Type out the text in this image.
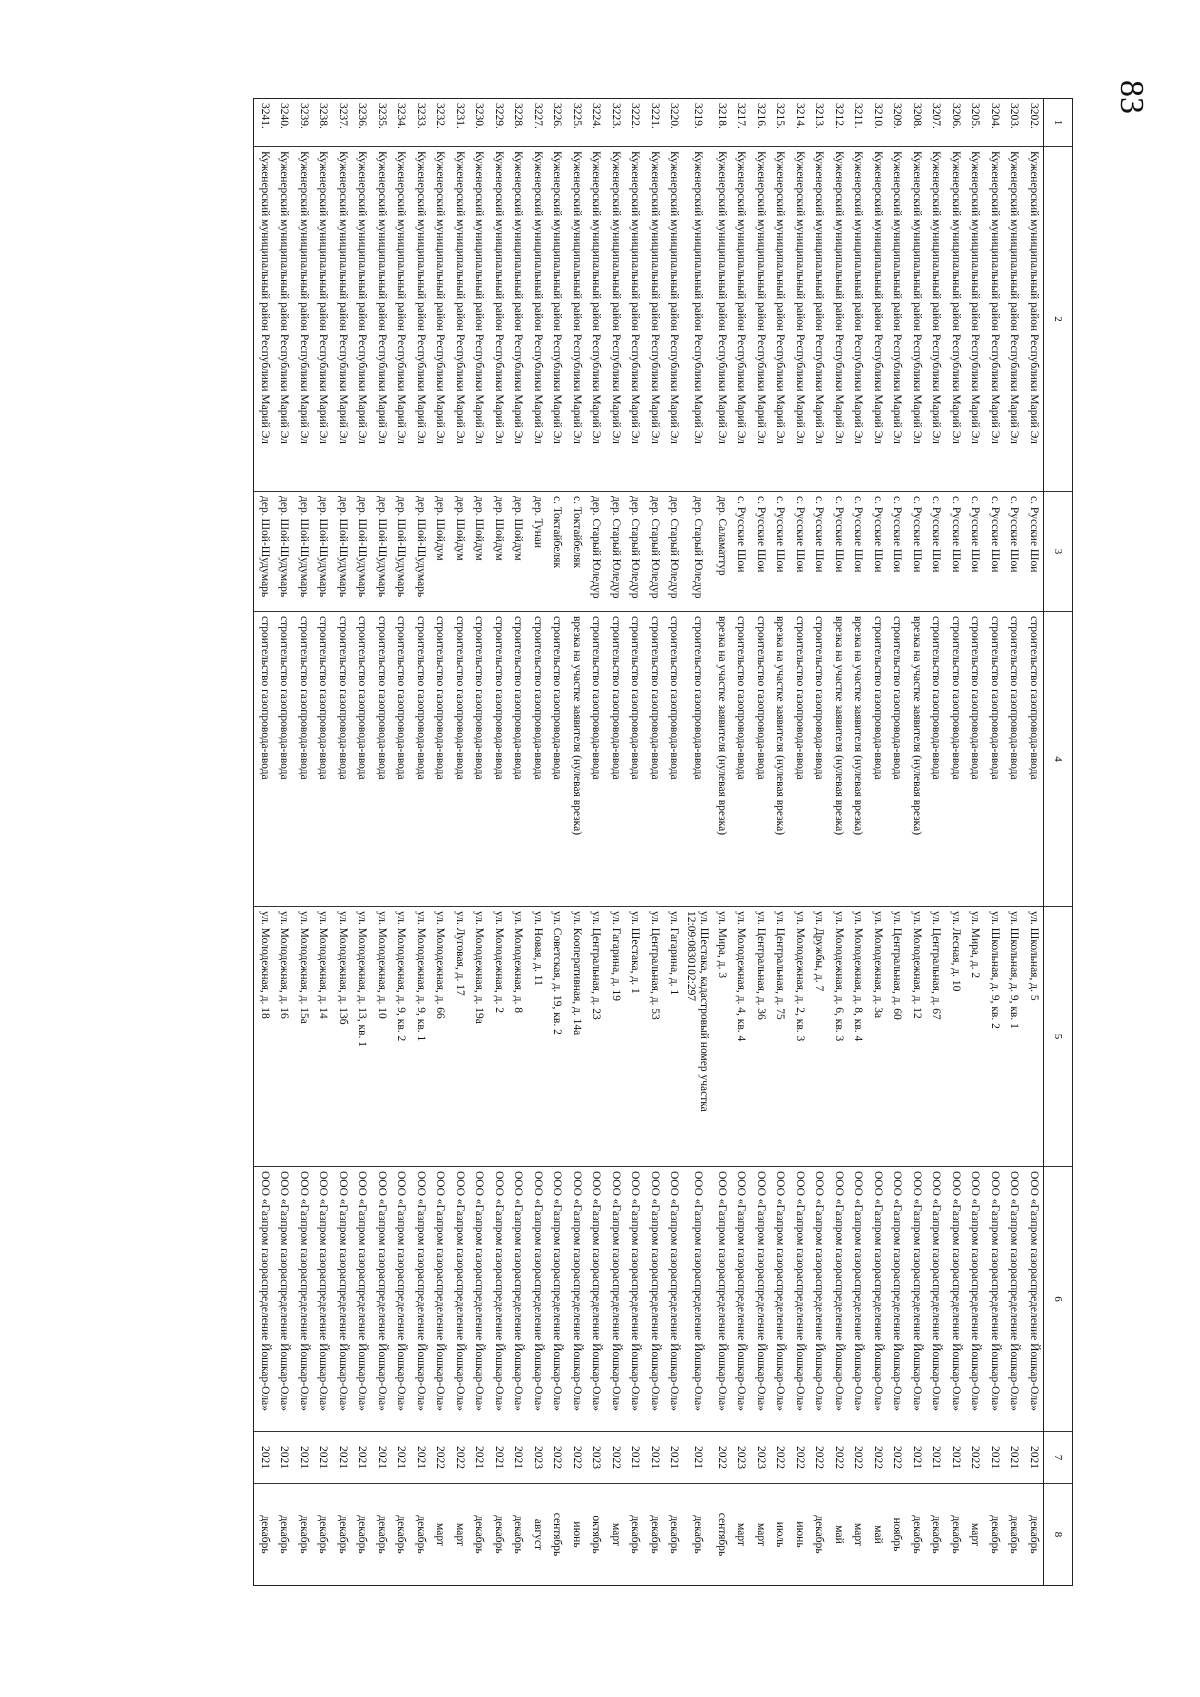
83
1	2	3	4	5	6	7	8
3202.	Куженерский муниципальный район Республики Марий Эл	с. Русские Шои	строительство газопровода-ввода	ул. Школьная, д. 5	ООО «Газпром газораспределение Йошкар-Ола»	2021	декабрь
3203.	Куженерский муниципальный район Республики Марий Эл	с. Русские Шои	строительство газопровода-ввода	ул. Школьная, д. 9, кв. 1	ООО «Газпром газораспределение Йошкар-Ола»	2021	декабрь
3204.	Куженерский муниципальный район Республики Марий Эл	с. Русские Шои	строительство газопровода-ввода	ул. Школьная, д. 9, кв. 2	ООО «Газпром газораспределение Йошкар-Ола»	2021	декабрь
3205.	Куженерский муниципальный район Республики Марий Эл	с. Русские Шои	строительство газопровода-ввода	ул. Мира, д. 2	ООО «Газпром газораспределение Йошкар-Ола»	2022	март
3206.	Куженерский муниципальный район Республики Марий Эл	с. Русские Шои	строительство газопровода-ввода	ул. Лесная, д. 10	ООО «Газпром газораспределение Йошкар-Ола»	2021	декабрь
3207.	Куженерский муниципальный район Республики Марий Эл	с. Русские Шои	строительство газопровода-ввода	ул. Центральная, д. 67	ООО «Газпром газораспределение Йошкар-Ола»	2021	декабрь
3208.	Куженерский муниципальный район Республики Марий Эл	с. Русские Шои	врезка на участке заявителя (нулевая врезка)	ул. Молодежная, д. 12	ООО «Газпром газораспределение Йошкар-Ола»	2021	декабрь
3209.	Куженерский муниципальный район Республики Марий Эл	с. Русские Шои	строительство газопровода-ввода	ул. Центральная, д. 60	ООО «Газпром газораспределение Йошкар-Ола»	2022	ноябрь
3210.	Куженерский муниципальный район Республики Марий Эл	с. Русские Шои	строительство газопровода-ввода	ул. Молодежная, д. 3а	ООО «Газпром газораспределение Йошкар-Ола»	2022	май
3211.	Куженерский муниципальный район Республики Марий Эл	с. Русские Шои	врезка на участке заявителя (нулевая врезка)	ул. Молодежная, д. 8, кв. 4	ООО «Газпром газораспределение Йошкар-Ола»	2022	март
3212.	Куженерский муниципальный район Республики Марий Эл	с. Русские Шои	врезка на участке заявителя (нулевая врезка)	ул. Молодежная, д. 6, кв. 3	ООО «Газпром газораспределение Йошкар-Ола»	2022	май
3213.	Куженерский муниципальный район Республики Марий Эл	с. Русские Шои	строительство газопровода-ввода	ул. Дружбы, д. 7	ООО «Газпром газораспределение Йошкар-Ола»	2022	декабрь
3214.	Куженерский муниципальный район Республики Марий Эл	с. Русские Шои	строительство газопровода-ввода	ул. Молодежная, д. 2, кв. 3	ООО «Газпром газораспределение Йошкар-Ола»	2022	июнь
3215.	Куженерский муниципальный район Республики Марий Эл	с. Русские Шои	врезка на участке заявителя (нулевая врезка)	ул. Центральная, д. 75	ООО «Газпром газораспределение Йошкар-Ола»	2022	июль
3216.	Куженерский муниципальный район Республики Марий Эл	с. Русские Шои	строительство газопровода-ввода	ул. Центральная, д. 36	ООО «Газпром газораспределение Йошкар-Ола»	2023	март
3217.	Куженерский муниципальный район Республики Марий Эл	с. Русские Шои	строительство газопровода-ввода	ул. Молодежная, д. 4, кв. 4	ООО «Газпром газораспределение Йошкар-Ола»	2023	март
3218.	Куженерский муниципальный район Республики Марий Эл	дер. Саламаттур	врезка на участке заявителя (нулевая врезка)	ул. Мира, д. 3	ООО «Газпром газораспределение Йошкар-Ола»	2022	сентябрь
3219.	Куженерский муниципальный район Республики Марий Эл	дер. Старый Юледур	строительство газопровода-ввода	ул. Шестака, кадастровый номер участка 12:09:0830102:297	ООО «Газпром газораспределение Йошкар-Ола»	2021	декабрь
3220.	Куженерский муниципальный район Республики Марий Эл	дер. Старый Юледур	строительство газопровода-ввода	ул. Гагарина, д. 1	ООО «Газпром газораспределение Йошкар-Ола»	2021	декабрь
3221.	Куженерский муниципальный район Республики Марий Эл	дер. Старый Юледур	строительство газопровода-ввода	ул. Центральная, д. 53	ООО «Газпром газораспределение Йошкар-Ола»	2021	декабрь
3222.	Куженерский муниципальный район Республики Марий Эл	дер. Старый Юледур	строительство газопровода-ввода	ул. Шестака, д. 1	ООО «Газпром газораспределение Йошкар-Ола»	2021	декабрь
3223.	Куженерский муниципальный район Республики Марий Эл	дер. Старый Юледур	строительство газопровода-ввода	ул. Гагарина, д. 19	ООО «Газпром газораспределение Йошкар-Ола»	2022	март
3224.	Куженерский муниципальный район Республики Марий Эл	дер. Старый Юледур	строительство газопровода-ввода	ул. Центральная, д. 23	ООО «Газпром газораспределение Йошкар-Ола»	2023	октябрь
3225.	Куженерский муниципальный район Республики Марий Эл	с. Токтайбеляк	врезка на участке заявителя (нулевая врезка)	ул. Кооперативная, д. 14а	ООО «Газпром газораспределение Йошкар-Ола»	2022	июнь
3226.	Куженерский муниципальный район Республики Марий Эл	с. Токтайбеляк	строительство газопровода-ввода	ул. Советская, д. 19, кв. 2	ООО «Газпром газораспределение Йошкар-Ола»	2022	сентябрь
3227.	Куженерский муниципальный район Республики Марий Эл	дер. Тунаи	строительство газопровода-ввода	ул. Новая, д. 11	ООО «Газпром газораспределение Йошкар-Ола»	2023	август
3228.	Куженерский муниципальный район Республики Марий Эл	дер. Шойдум	строительство газопровода-ввода	ул. Молодежная, д. 8	ООО «Газпром газораспределение Йошкар-Ола»	2021	декабрь
3229.	Куженерский муниципальный район Республики Марий Эл	дер. Шойдум	строительство газопровода-ввода	ул. Молодежная, д. 2	ООО «Газпром газораспределение Йошкар-Ола»	2021	декабрь
3230.	Куженерский муниципальный район Республики Марий Эл	дер. Шойдум	строительство газопровода-ввода	ул. Молодежная, д. 19а	ООО «Газпром газораспределение Йошкар-Ола»	2021	декабрь
3231.	Куженерский муниципальный район Республики Марий Эл	дер. Шойдум	строительство газопровода-ввода	ул. Луговая, д. 17	ООО «Газпром газораспределение Йошкар-Ола»	2022	март
3232.	Куженерский муниципальный район Республики Марий Эл	дер. Шойдум	строительство газопровода-ввода	ул. Молодежная, д. 66	ООО «Газпром газораспределение Йошкар-Ола»	2022	март
3233.	Куженерский муниципальный район Республики Марий Эл	дер. Шой-Шудумарь	строительство газопровода-ввода	ул. Молодежная, д. 9, кв. 1	ООО «Газпром газораспределение Йошкар-Ола»	2021	декабрь
3234.	Куженерский муниципальный район Республики Марий Эл	дер. Шой-Шудумарь	строительство газопровода-ввода	ул. Молодежная, д. 9, кв. 2	ООО «Газпром газораспределение Йошкар-Ола»	2021	декабрь
3235.	Куженерский муниципальный район Республики Марий Эл	дер. Шой-Шудумарь	строительство газопровода-ввода	ул. Молодежная, д. 10	ООО «Газпром газораспределение Йошкар-Ола»	2021	декабрь
3236.	Куженерский муниципальный район Республики Марий Эл	дер. Шой-Шудумарь	строительство газопровода-ввода	ул. Молодежная, д. 13, кв. 1	ООО «Газпром газораспределение Йошкар-Ола»	2021	декабрь
3237.	Куженерский муниципальный район Республики Марий Эл	дер. Шой-Шудумарь	строительство газопровода-ввода	ул. Молодежная, д. 13б	ООО «Газпром газораспределение Йошкар-Ола»	2021	декабрь
3238.	Куженерский муниципальный район Республики Марий Эл	дер. Шой-Шудумарь	строительство газопровода-ввода	ул. Молодежная, д. 14	ООО «Газпром газораспределение Йошкар-Ола»	2021	декабрь
3239.	Куженерский муниципальный район Республики Марий Эл	дер. Шой-Шудумарь	строительство газопровода-ввода	ул. Молодежная, д. 15а	ООО «Газпром газораспределение Йошкар-Ола»	2021	декабрь
3240.	Куженерский муниципальный район Республики Марий Эл	дер. Шой-Шудумарь	строительство газопровода-ввода	ул. Молодежная, д. 16	ООО «Газпром газораспределение Йошкар-Ола»	2021	декабрь
3241.	Куженерский муниципальный район Республики Марий Эл	дер. Шой-Шудумарь	строительство газопровода-ввода	ул. Молодежная, д. 18	ООО «Газпром газораспределение Йошкар-Ола»	2021	декабрь
